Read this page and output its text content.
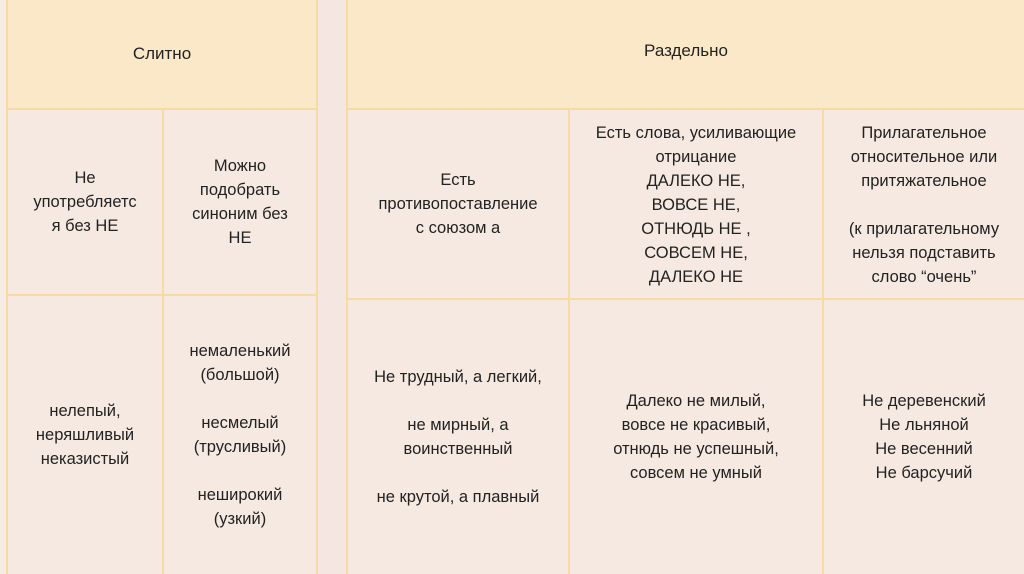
Слитно
Не
употребляетс
я без НЕ
Можно
подобрать
синоним без
НЕ
нелепый,
неряшливый
неказистый
немаленький
(большой)

несмелый
(трусливый)

неширокий
(узкий)
Раздельно
Есть
противопоставление
с союзом а
Есть слова, усиливающие
отрицание
ДАЛЕКО НЕ,
ВОВСЕ НЕ,
ОТНЮДЬ НЕ ,
СОВСЕМ НЕ,
ДАЛЕКО НЕ
Прилагательное
относительное или
притяжательное

(к прилагательному
нельзя подставить
слово “очень”
Не трудный, а легкий,

не мирный, а
воинственный

не крутой, а плавный
Далеко не милый,
вовсе не красивый,
отнюдь не успешный,
совсем не умный
Не деревенский
Не льняной
Не весенний
Не барсучий
